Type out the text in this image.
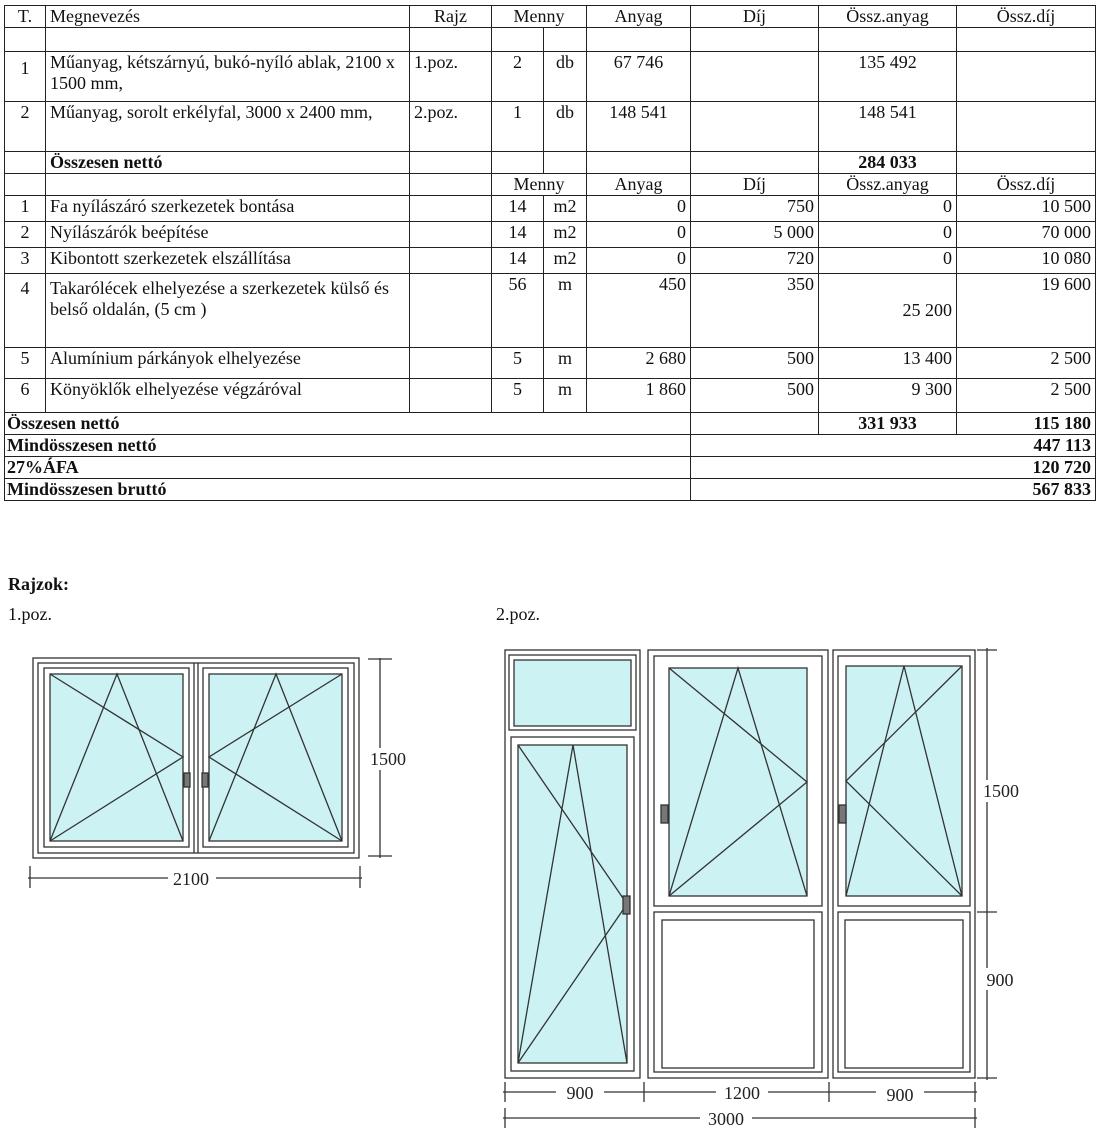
T.	Megnevezés	Rajz	Menny		Anyag	Díj	Össz.anyag	Össz.díj

1	Műanyag, kétszárnyú, bukó-nyíló ablak, 2100 x 1500 mm,	1.poz.	2	db	67 746		135 492	
2	Műanyag, sorolt erkélyfal, 3000 x 2400 mm,	2.poz.	1	db	148 541		148 541	
	Összesen nettó						284 033	
			Menny		Anyag	Díj	Össz.anyag	Össz.díj
1	Fa nyílászáró szerkezetek bontása		14	m2	0	750	0	10 500
2	Nyílászárók beépítése		14	m2	0	5 000	0	70 000
3	Kibontott szerkezetek elszállítása		14	m2	0	720	0	10 080
4	Takarólécek elhelyezése a szerkezetek külső és belső oldalán, (5 cm )		56	m	450	350	25 200	19 600
5	Alumínium párkányok elhelyezése		5	m	2 680	500	13 400	2 500
6	Könyöklők elhelyezése végzáróval		5	m	1 860	500	9 300	2 500
Összesen nettó							331 933	115 180
Mindösszesen nettó						447 113		
27%ÁFA						120 720		
Mindösszesen bruttó						567 833		
Rajzok:
1.poz.	2.poz.
2100
1500
900	1200	900
3000
1500
900
